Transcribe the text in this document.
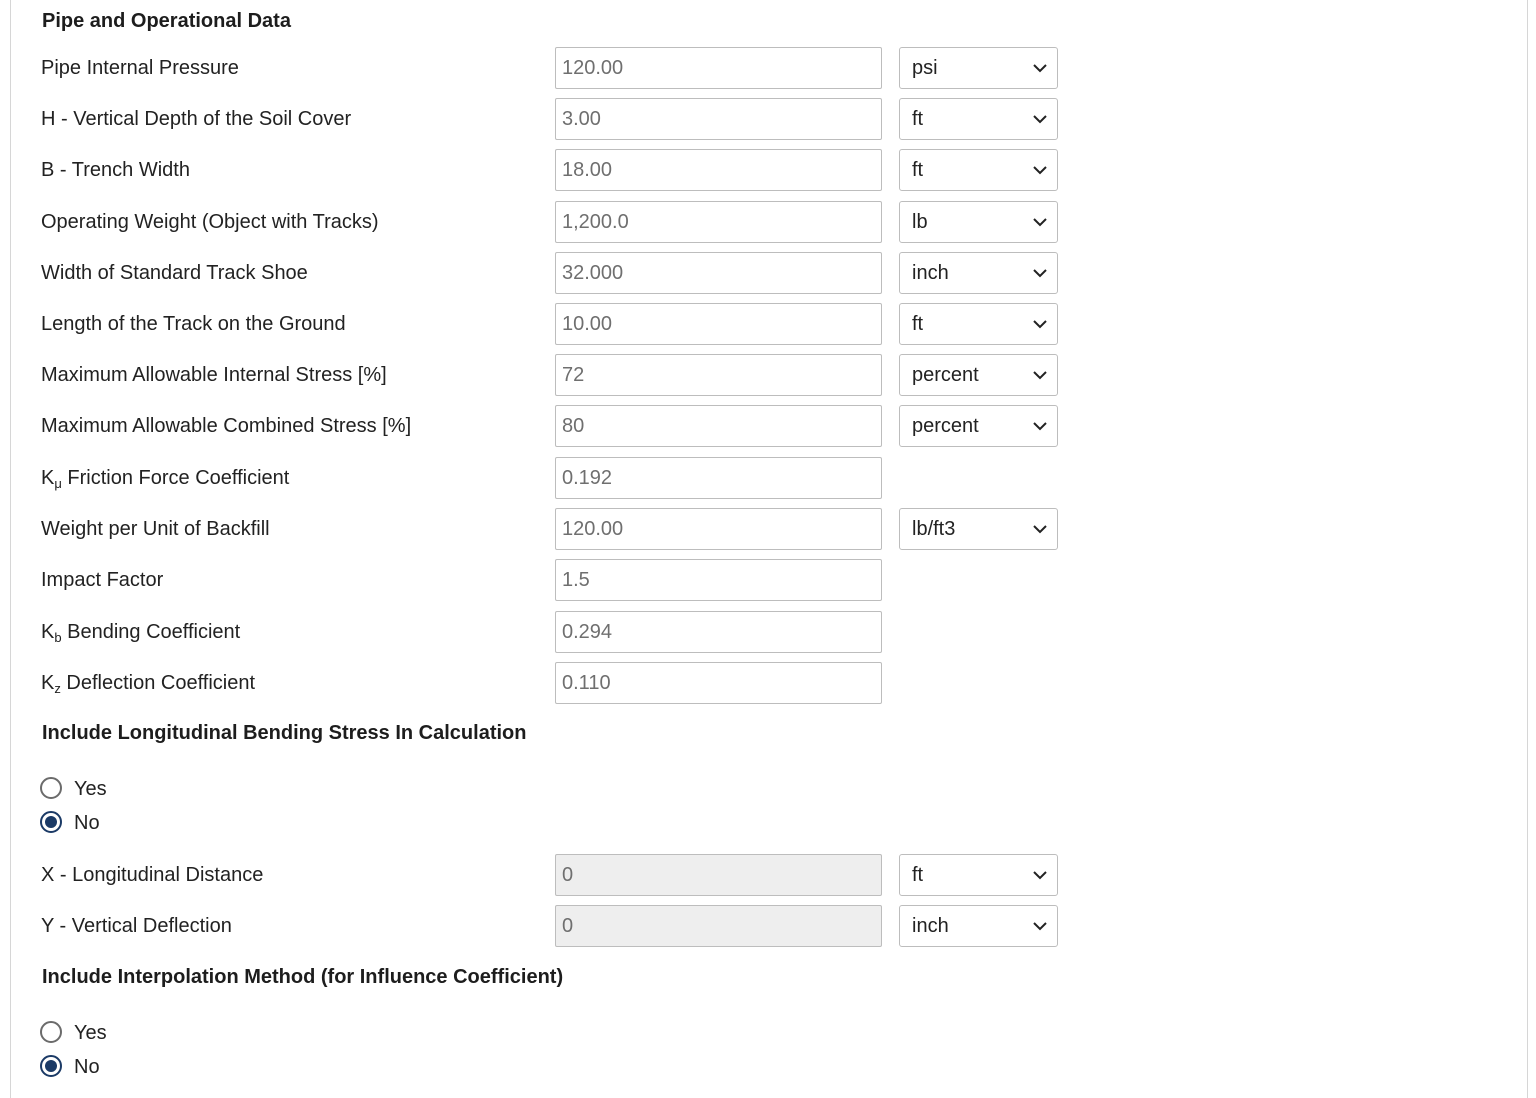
Pipe and Operational Data
Pipe Internal Pressure
120.00	psi
H - Vertical Depth of the Soil Cover
3.00	ft
B - Trench Width
18.00	ft
Operating Weight (Object with Tracks)
1,200.0	lb
Width of Standard Track Shoe
32.000	inch
Length of the Track on the Ground
10.00	ft
Maximum Allowable Internal Stress [%]
72	percent
Maximum Allowable Combined Stress [%]
80	percent
$K_\mu$ Friction Force Coefficient
0.192
Weight per Unit of Backfill
120.00	lb/ft3
Impact Factor
1.5
$K_b$ Bending Coefficient
0.294
$K_z$ Deflection Coefficient
0.110
Include Longitudinal Bending Stress In Calculation
Yes
No
X - Longitudinal Distance
0	ft
Y - Vertical Deflection
0	inch
Include Interpolation Method (for Influence Coefficient)
Yes
No
